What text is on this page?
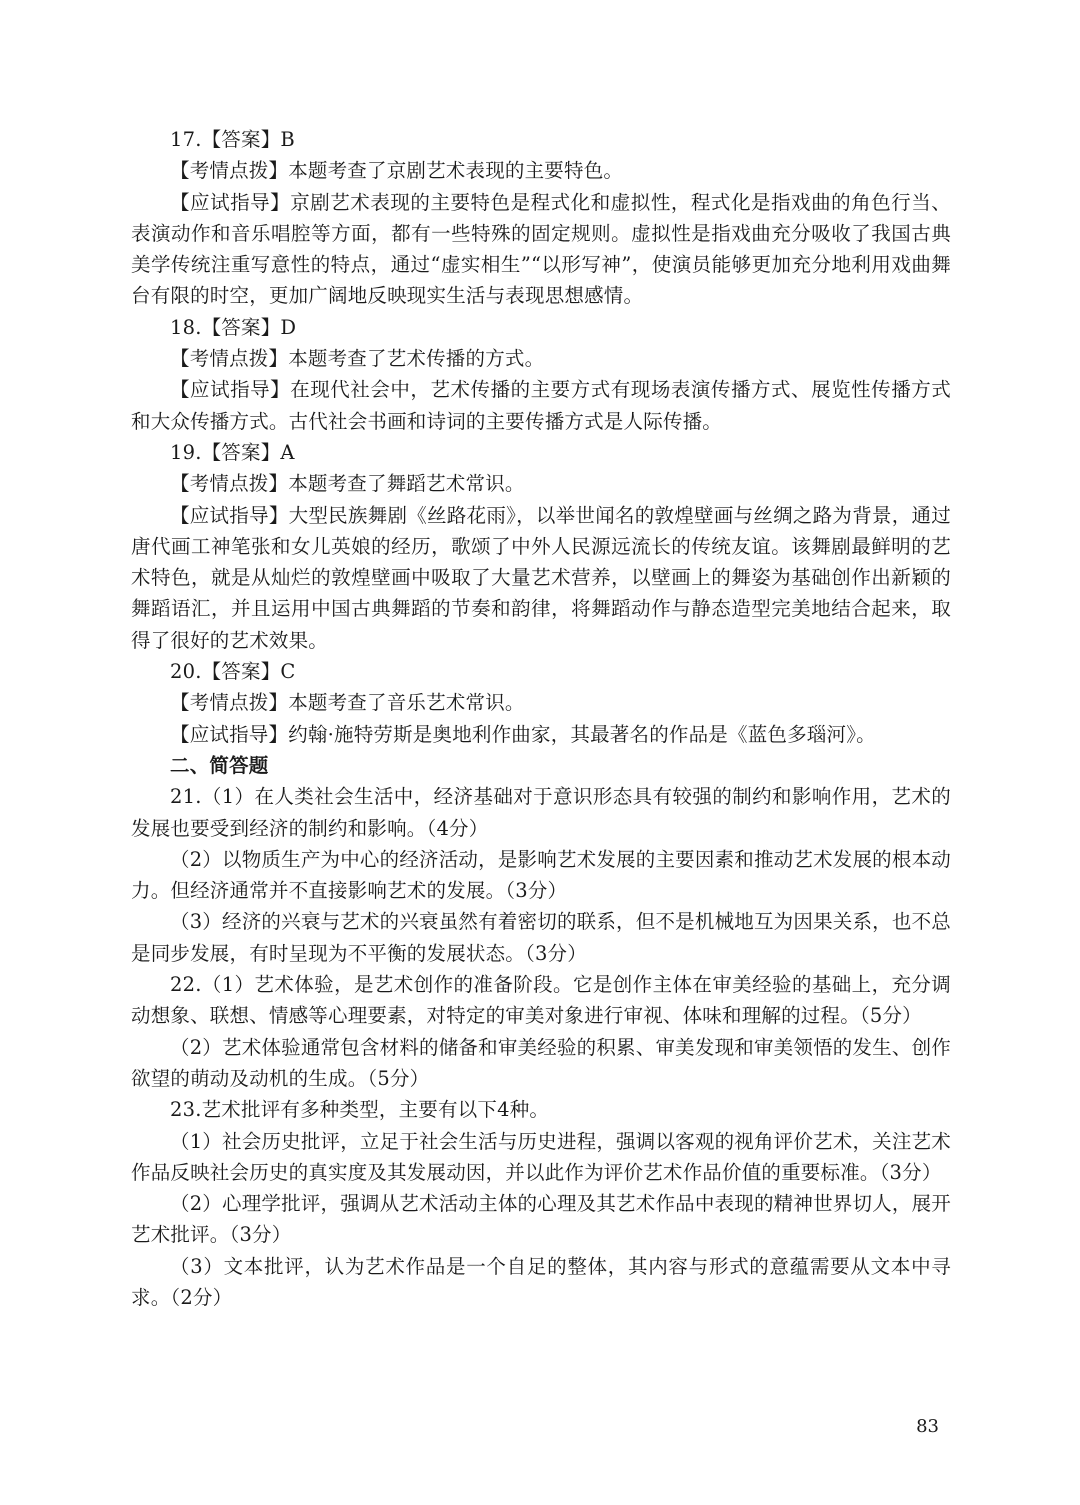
17.【答案】B

【考情点拨】本题考查了京剧艺术表现的主要特色。

【应试指导】京剧艺术表现的主要特色是程式化和虚拟性，程式化是指戏曲的角色行当、表演动作和音乐唱腔等方面，都有一些特殊的固定规则。虚拟性是指戏曲充分吸收了我国古典美学传统注重写意性的特点，通过“虚实相生”“以形写神”，使演员能够更加充分地利用戏曲舞台有限的时空，更加广阔地反映现实生活与表现思想感情。

18.【答案】D

【考情点拨】本题考查了艺术传播的方式。

【应试指导】在现代社会中，艺术传播的主要方式有现场表演传播方式、展览性传播方式和大众传播方式。古代社会书画和诗词的主要传播方式是人际传播。

19.【答案】A

【考情点拨】本题考查了舞蹈艺术常识。

【应试指导】大型民族舞剧《丝路花雨》，以举世闻名的敦煌壁画与丝绸之路为背景，通过唐代画工神笔张和女儿英娘的经历，歌颂了中外人民源远流长的传统友谊。该舞剧最鲜明的艺术特色，就是从灿烂的敦煌壁画中吸取了大量艺术营养，以壁画上的舞姿为基础创作出新颖的舞蹈语汇，并且运用中国古典舞蹈的节奏和韵律，将舞蹈动作与静态造型完美地结合起来，取得了很好的艺术效果。

20.【答案】C

【考情点拨】本题考查了音乐艺术常识。

【应试指导】约翰·施特劳斯是奥地利作曲家，其最著名的作品是《蓝色多瑙河》。

二、简答题

21.（1）在人类社会生活中，经济基础对于意识形态具有较强的制约和影响作用，艺术的发展也要受到经济的制约和影响。（4分）

（2）以物质生产为中心的经济活动，是影响艺术发展的主要因素和推动艺术发展的根本动力。但经济通常并不直接影响艺术的发展。（3分）

（3）经济的兴衰与艺术的兴衰虽然有着密切的联系，但不是机械地互为因果关系，也不总是同步发展，有时呈现为不平衡的发展状态。（3分）

22.（1）艺术体验，是艺术创作的准备阶段。它是创作主体在审美经验的基础上，充分调动想象、联想、情感等心理要素，对特定的审美对象进行审视、体味和理解的过程。（5分）

（2）艺术体验通常包含材料的储备和审美经验的积累、审美发现和审美领悟的发生、创作欲望的萌动及动机的生成。（5分）

23.艺术批评有多种类型，主要有以下4种。

（1）社会历史批评，立足于社会生活与历史进程，强调以客观的视角评价艺术，关注艺术作品反映社会历史的真实度及其发展动因，并以此作为评价艺术作品价值的重要标准。（3分）

（2）心理学批评，强调从艺术活动主体的心理及其艺术作品中表现的精神世界切人，展开艺术批评。（3分）

（3）文本批评，认为艺术作品是一个自足的整体，其内容与形式的意蕴需要从文本中寻求。（2分）

83
